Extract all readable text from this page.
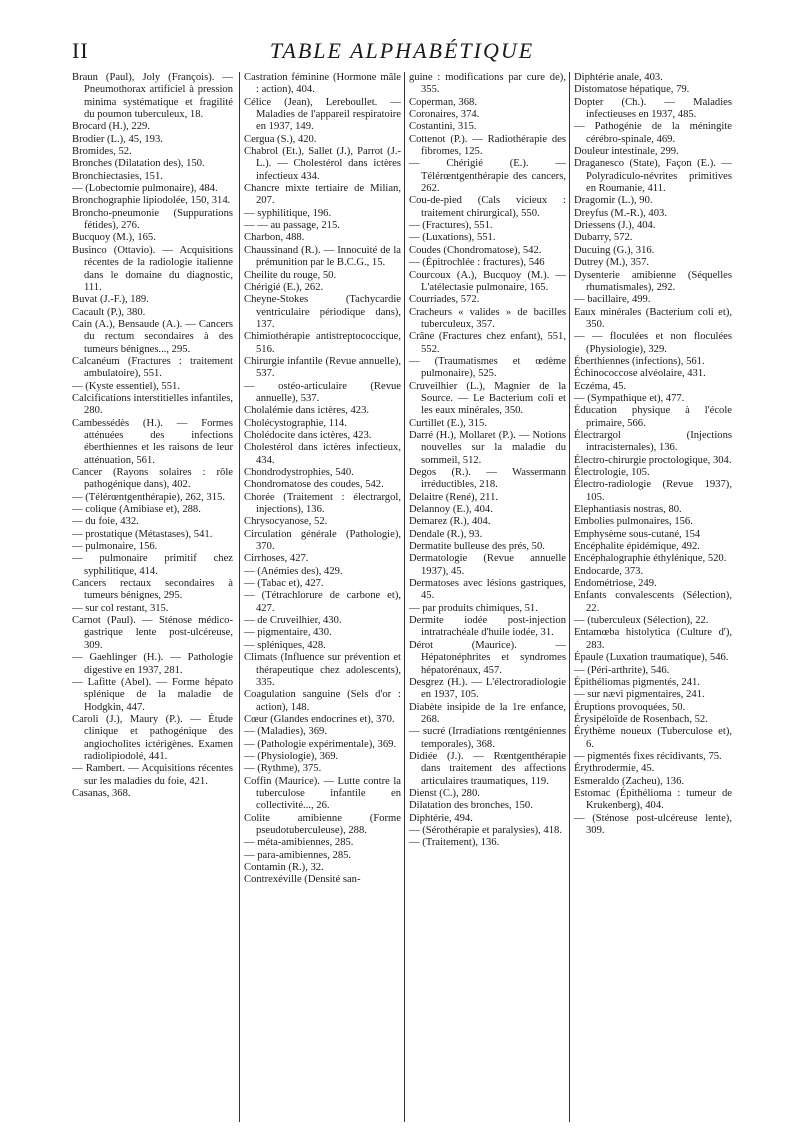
II	TABLE ALPHABÉTIQUE

Braun (Paul), Joly (François). — Pneumothorax artificiel à pression minima systématique et fragilité du poumon tuberculeux, 18.

Brocard (H.), 229.

Brodier (L.), 45, 193.

Bromides, 52.

Bronches (Dilatation des), 150.

Bronchiectasies, 151.

— (Lobectomie pulmonaire), 484.

Bronchographie lipiodolée, 150, 314.

Broncho-pneumonie (Suppurations fétides), 276.

Bucquoy (M.), 165.

Businco (Ottavio). — Acquisitions récentes de la radiologie italienne dans le domaine du diagnostic, 111.

Buvat (J.-F.), 189.

Cacault (P.), 380.

Cain (A.), Bensaude (A.). — Cancers du rectum secondaires à des tumeurs bénignes..., 295.

Calcanéum (Fractures : traitement ambulatoire), 551.

— (Kyste essentiel), 551.

Calcifications interstitielles infantiles, 280.

Cambessédès (H.). — Formes atténuées des infections éberthiennes et les raisons de leur atténuation, 561.

Cancer (Rayons solaires : rôle pathogénique dans), 402.

— (Télérœntgenthérapie), 262, 315.

— colique (Amibiase et), 288.

— du foie, 432.

— prostatique (Métastases), 541.

— pulmonaire, 156.

— pulmonaire primitif chez syphilitique, 414.

Cancers rectaux secondaires à tumeurs bénignes, 295.

— sur col restant, 315.

Carnot (Paul). — Sténose médico-gastrique lente post-ulcéreuse, 309.

— Gaehlinger (H.). — Pathologie digestive en 1937, 281.

— Lafitte (Abel). — Forme hépato splénique de la maladie de Hodgkin, 447.

Caroli (J.), Maury (P.). — Étude clinique et pathogénique des angiocholites ictérigènes. Examen radiolipiodolé, 441.

— Rambert. — Acquisitions récentes sur les maladies du foie, 421.

Casanas, 368.

Castration féminine (Hormone mâle : action), 404.

Célice (Jean), Lereboullet. — Maladies de l'appareil respiratoire en 1937, 149.

Cergua (S.), 420.

Chabrol (Et.), Sallet (J.), Parrot (J.-L.). — Cholestérol dans ictères infectieux 434.

Chancre mixte tertiaire de Milian, 207.

— syphilitique, 196.

— — au passage, 215.

Charbon, 488.

Chaussinand (R.). — Innocuité de la prémunition par le B.C.G., 15.

Cheilite du rouge, 50.

Chérigié (E.), 262.

Cheyne-Stokes (Tachycardie ventriculaire périodique dans), 137.

Chimiothérapie antistreptococcique, 516.

Chirurgie infantile (Revue annuelle), 537.

— ostéo-articulaire (Revue annuelle), 537.

Cholalémie dans ictères, 423.

Cholécystographie, 114.

Cholédocite dans ictères, 423.

Cholestérol dans ictères infectieux, 434.

Chondrodystrophies, 540.

Chondromatose des coudes, 542.

Chorée (Traitement : électrargol, injections), 136.

Chrysocyanose, 52.

Circulation générale (Pathologie), 370.

Cirrhoses, 427.

— (Anémies des), 429.

— (Tabac et), 427.

— (Tétrachlorure de carbone et), 427.

— de Cruveilhier, 430.

— pigmentaire, 430.

— spléniques, 428.

Climats (Influence sur prévention et thérapeutique chez adolescents), 335.

Coagulation sanguine (Sels d'or : action), 148.

Cœur (Glandes endocrines et), 370.

— (Maladies), 369.

— (Pathologie expérimentale), 369.

— (Physiologie), 369.

— (Rythme), 375.

Coffin (Maurice). — Lutte contre la tuberculose infantile en collectivité..., 26.

Colite amibienne (Forme pseudotuberculeuse), 288.

— méta-amibiennes, 285.

— para-amibiennes, 285.

Contamin (R.), 32.

Contrexéville (Densité san-

guine : modifications par cure de), 355.

Coperman, 368.

Coronaires, 374.

Costantini, 315.

Cottenot (P.). — Radiothérapie des fibromes, 125.

— Chérigié (E.). — Télérœntgenthérapie des cancers, 262.

Cou-de-pied (Cals vicieux : traitement chirurgical), 550.

— (Fractures), 551.

— (Luxations), 551.

Coudes (Chondromatose), 542.

— (Épitrochlée : fractures), 546

Courcoux (A.), Bucquoy (M.). — L'atélectasie pulmonaire, 165.

Courriades, 572.

Cracheurs « valides » de bacilles tuberculeux, 357.

Crâne (Fractures chez enfant), 551, 552.

— (Traumatismes et œdème pulmonaire), 525.

Cruveilhier (L.), Magnier de la Source. — Le Bacterium coli et les eaux minérales, 350.

Curtillet (E.), 315.

Darré (H.), Mollaret (P.). — Notions nouvelles sur la maladie du sommeil, 512.

Degos (R.). — Wassermann irréductibles, 218.

Delaitre (René), 211.

Delannoy (E.), 404.

Demarez (R.), 404.

Dendale (R.), 93.

Dermatite bulleuse des prés, 50.

Dermatologie (Revue annuelle 1937), 45.

Dermatoses avec lésions gastriques, 45.

— par produits chimiques, 51.

Dermite iodée post-injection intratrachéale d'huile iodée, 31.

Dérot (Maurice). — Hépatonéphrites et syndromes hépatorénaux, 457.

Desgrez (H.). — L'électroradiologie en 1937, 105.

Diabète insipide de la 1re enfance, 268.

— sucré (Irradiations rœntgéniennes temporales), 368.

Didiée (J.). — Rœntgenthérapie dans traitement des affections articulaires traumatiques, 119.

Dienst (C.), 280.

Dilatation des bronches, 150.

Diphtérie, 494.

— (Sérothérapie et paralysies), 418.

— (Traitement), 136.

Diphtérie anale, 403.

Distomatose hépatique, 79.

Dopter (Ch.). — Maladies infectieuses en 1937, 485.

— Pathogénie de la méningite cérébro-spinale, 469.

Douleur intestinale, 299.

Draganesco (State), Façon (E.). — Polyradiculo-névrites primitives en Roumanie, 411.

Dragomir (L.), 90.

Dreyfus (M.-R.), 403.

Driessens (J.), 404.

Dubarry, 572.

Ducuing (G.), 316.

Dutrey (M.), 357.

Dysenterie amibienne (Séquelles rhumatismales), 292.

— bacillaire, 499.

Eaux minérales (Bacterium coli et), 350.

— — floculées et non floculées (Physiologie), 329.

Éberthiennes (infections), 561.

Échinococcose alvéolaire, 431.

Eczéma, 45.

— (Sympathique et), 477.

Éducation physique à l'école primaire, 566.

Électrargol (Injections intracisternales), 136.

Électro-chirurgie proctologique, 304.

Électrologie, 105.

Électro-radiologie (Revue 1937), 105.

Elephantiasis nostras, 80.

Embolies pulmonaires, 156.

Emphysème sous-cutané, 154

Encéphalite épidémique, 492.

Encéphalographie éthylénique, 520.

Endocarde, 373.

Endométriose, 249.

Enfants convalescents (Sélection), 22.

— (tuberculeux (Sélection), 22.

Entamœba histolytica (Culture d'), 283.

Épaule (Luxation traumatique), 546.

— (Péri-arthrite), 546.

Épithéliomas pigmentés, 241.

— sur nævi pigmentaires, 241.

Éruptions provoquées, 50.

Érysipéloïde de Rosenbach, 52.

Érythème noueux (Tuberculose et), 6.

— pigmentés fixes récidivants, 75.

Érythrodermie, 45.

Esmeraldo (Zacheu), 136.

Estomac (Épithélioma : tumeur de Krukenberg), 404.

— (Sténose post-ulcéreuse lente), 309.
